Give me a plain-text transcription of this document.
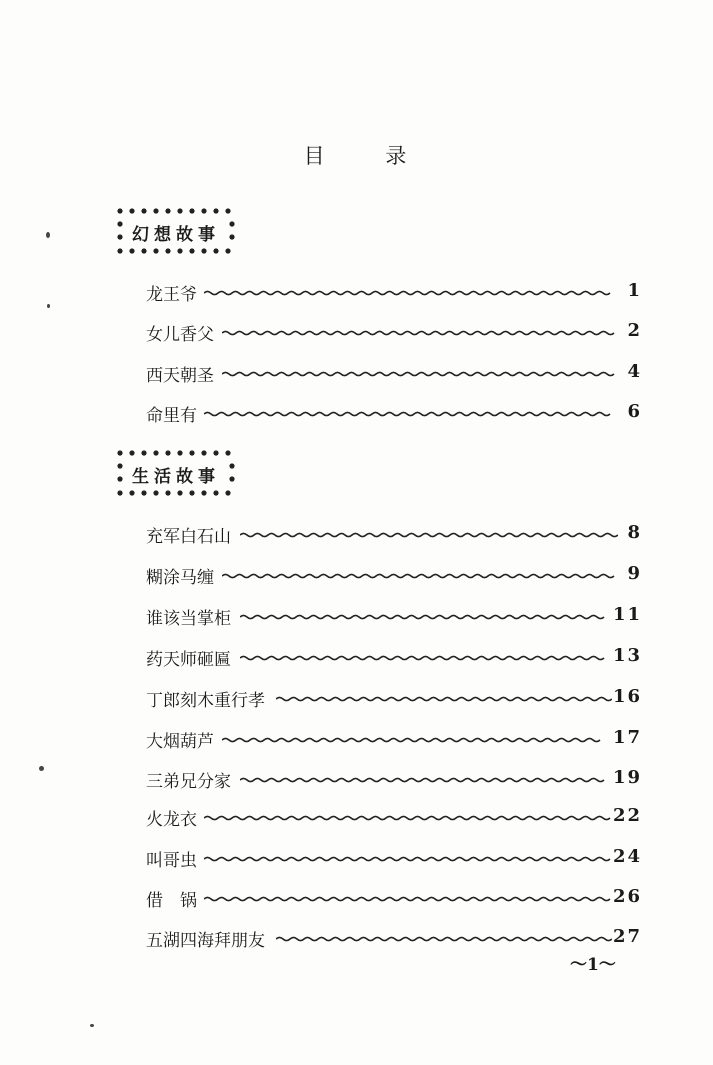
目	录
幻想故事
龙王爷	1
女儿香父	2
西天朝圣	4
命里有	6
生活故事
充军白石山	8
糊涂马缠	9
谁该当掌柜	11
药天师砸匾	13
丁郎刻木重行孝	16
大烟葫芦	17
三弟兄分家	19
火龙衣	22
叫哥虫	24
借　锅	26
五湖四海拜朋友	27
～1～
